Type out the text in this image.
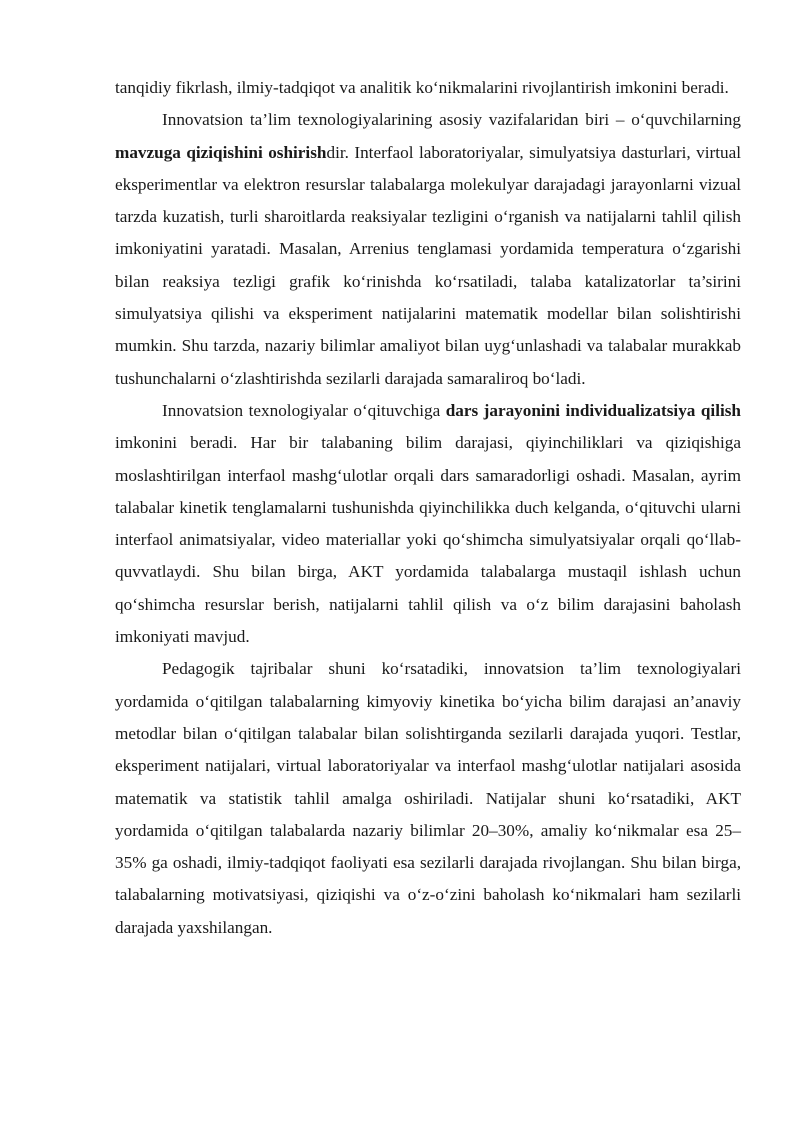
tanqidiy fikrlash, ilmiy-tadqiqot va analitik ko‘nikmalarini rivojlantirish imkonini beradi.

Innovatsion ta’lim texnologiyalarining asosiy vazifalaridan biri – o‘quvchilarning mavzuga qiziqishini oshirishdir. Interfaol laboratoriyalar, simulyatsiya dasturlari, virtual eksperimentlar va elektron resurslar talabalarga molekulyar darajadagi jarayonlarni vizual tarzda kuzatish, turli sharoitlarda reaksiyalar tezligini o‘rganish va natijalarni tahlil qilish imkoniyatini yaratadi. Masalan, Arrenius tenglamasi yordamida temperatura o‘zgarishi bilan reaksiya tezligi grafik ko‘rinishda ko‘rsatiladi, talaba katalizatorlar ta’sirini simulyatsiya qilishi va eksperiment natijalarini matematik modellar bilan solishtirishi mumkin. Shu tarzda, nazariy bilimlar amaliyot bilan uyg‘unlashadi va talabalar murakkab tushunchalarni o‘zlashtirishda sezilarli darajada samaraliroq bo‘ladi.

Innovatsion texnologiyalar o‘qituvchiga dars jarayonini individualizatsiya qilish imkonini beradi. Har bir talabaning bilim darajasi, qiyinchiliklari va qiziqishiga moslashtirilgan interfaol mashg‘ulotlar orqali dars samaradorligi oshadi. Masalan, ayrim talabalar kinetik tenglamalarni tushunishda qiyinchilikka duch kelganda, o‘qituvchi ularni interfaol animatsiyalar, video materiallar yoki qo‘shimcha simulyatsiyalar orqali qo‘llab-quvvatlaydi. Shu bilan birga, AKT yordamida talabalarga mustaqil ishlash uchun qo‘shimcha resurslar berish, natijalarni tahlil qilish va o‘z bilim darajasini baholash imkoniyati mavjud.

Pedagogik tajribalar shuni ko‘rsatadiki, innovatsion ta’lim texnologiyalari yordamida o‘qitilgan talabalarning kimyoviy kinetika bo‘yicha bilim darajasi an’anaviy metodlar bilan o‘qitilgan talabalar bilan solishtirganda sezilarli darajada yuqori. Testlar, eksperiment natijalari, virtual laboratoriyalar va interfaol mashg‘ulotlar natijalari asosida matematik va statistik tahlil amalga oshiriladi. Natijalar shuni ko‘rsatadiki, AKT yordamida o‘qitilgan talabalarda nazariy bilimlar 20–30%, amaliy ko‘nikmalar esa 25–35% ga oshadi, ilmiy-tadqiqot faoliyati esa sezilarli darajada rivojlangan. Shu bilan birga, talabalarning motivatsiyasi, qiziqishi va o‘z-o‘zini baholash ko‘nikmalari ham sezilarli darajada yaxshilangan.
